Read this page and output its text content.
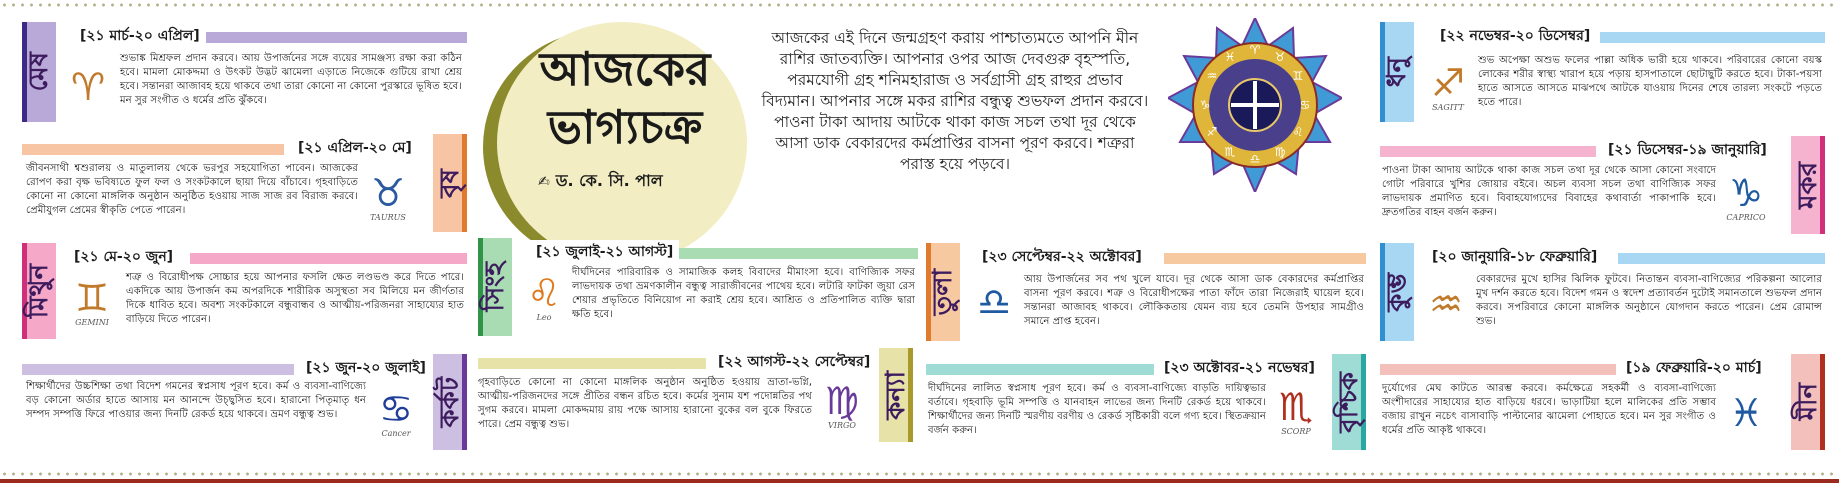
মেষ
[২১ মার্চ-২০ এপ্রিল]
♈
শুভাঙ্ক মিশ্রফল প্রদান করবে। আয় উপার্জনের সঙ্গে ব্যয়ের সামঞ্জস্য রক্ষা করা কঠিন হবে। মামলা মোকদ্দমা ও উৎকট উদ্ভট ঝামেলা এড়াতে নিজেকে গুটিয়ে রাখা শ্রেয় হবে। সন্তানরা আজাবহ হয়ে থাকবে তথা তারা কোনো না কোনো পুরস্কারে ভূষিত হবে। মন সুর সংগীত ও ধর্মের প্রতি ঝুঁকবে।
বৃষ
[২১ এপ্রিল-২০ মে]
♉
TAURUS
জীবনসাথী শ্বশুরালয় ও মাতুলালয় থেকে ভরপুর সহযোগিতা পাবেন। আজকের রোপণ করা বৃক্ষ ভবিষ্যতে ফুল ফল ও সংকটকালে ছায়া দিয়ে বাঁচাবে। গৃহবাড়িতে কোনো না কোনো মাঙ্গলিক অনুষ্ঠান অনুষ্ঠিত হওয়ায় সাজ সাজ রব বিরাজ করবে। প্রেমীযুগল প্রেমের স্বীকৃতি পেতে পারেন।
মিথুন
[২১ মে-২০ জুন]
♊
GEMINI
শত্রু ও বিরোধীপক্ষ সোচ্চার হয়ে আপনার ফসলি ক্ষেত লণ্ডভণ্ড করে দিতে পারে। একদিকে আয় উপার্জন কম অপরদিকে শারীরিক অসুস্থতা সব মিলিয়ে মন জীর্ণতার দিকে ধাবিত হবে। অবশ্য সংকটকালে বন্ধুবান্ধব ও আত্মীয়-পরিজনরা সাহায্যের হাত বাড়িয়ে দিতে পারেন।
কর্কট
[২১ জুন-২০ জুলাই]
♋
Cancer
শিক্ষার্থীদের উচ্চশিক্ষা তথা বিদেশ গমনের স্বপ্নসাধ পূরণ হবে। কর্ম ও ব্যবসা-বাণিজ্যে বড় কোনো অর্ডার হাতে আসায় মন আনন্দে উচ্ছ্বসিত হবে। হারানো পিতৃমাতৃ ধন সম্পদ সম্পত্তি ফিরে পাওয়ার জন্য দিনটি রেকর্ড হয়ে থাকবে। ভ্রমণ বন্ধুত্ব শুভ।
আজকের
ভাগ্যচক্র
✍ ড. কে. সি. পাল
আজকের এই দিনে জন্মগ্রহণ করায় পাশ্চাত্যমতে আপনি মীন রাশির জাতব্যক্তি। আপনার ওপর আজ দেবগুরু বৃহস্পতি, পরমযোগী গ্রহ শনিমহারাজ ও সর্বগ্রাসী গ্রহ রাহুর প্রভাব বিদ্যমান। আপনার সঙ্গে মকর রাশির বন্ধুত্ব শুভফল প্রদান করবে। পাওনা টাকা আদায় আটকে থাকা কাজ সচল তথা দূর থেকে আসা ডাক বেকারদের কর্মপ্রাপ্তির বাসনা পূরণ করবে। শত্রুরা পরাস্ত হয়ে পড়বে।
♈ ♉
♊
♋
♌
♍
♎
♏
♐
♑
♒
♓
সিংহ
[২১ জুলাই-২১ আগস্ট]
♌
Leo
দীর্ঘদিনের পারিবারিক ও সামাজিক কলহ বিবাদের মীমাংসা হবে। বাণিজ্যিক সফর লাভদায়ক তথা ভ্রমণকালীন বন্ধুত্ব সারাজীবনের পাথেয় হবে। লটারি ফাটকা জুয়া রেস শেয়ার প্রভৃতিতে বিনিয়োগ না করাই শ্রেয় হবে। আশ্রিত ও প্রতিপালিত ব্যক্তি দ্বারা ক্ষতি হবে।
কন্যা
[২২ আগস্ট-২২ সেপ্টেম্বর]
♍
VIRGO
গৃহবাড়িতে কোনো না কোনো মাঙ্গলিক অনুষ্ঠান অনুষ্ঠিত হওয়ায় ভ্রাতা-ভগ্নি, আত্মীয়-পরিজনদের সঙ্গে প্রীতির বন্ধন রচিত হবে। কর্মের সুনাম যশ পদোন্নতির পথ সুগম করবে। মামলা মোকদ্দমায় রায় পক্ষে আসায় হারানো বুকের বল বুকে ফিরতে পারে। প্রেম বন্ধুত্ব শুভ।
তুলা
[২৩ সেপ্টেম্বর-২২ অক্টোবর]
♎
আয় উপার্জনের সব পথ খুলে যাবে। দূর থেকে আসা ডাক বেকারদের কর্মপ্রাপ্তির বাসনা পূরণ করবে। শত্রু ও বিরোধীপক্ষের পাতা ফাঁদে তারা নিজেরাই ঘায়েল হবে। সন্তানরা আজাবহ থাকবে। লৌকিকতায় যেমন ব্যয় হবে তেমনি উপহার সামগ্রীও সমানে প্রাপ্ত হবেন।
বৃশ্চিক
[২৩ অক্টোবর-২১ নভেম্বর]
♏
SCORP
দীর্ঘদিনের লালিত স্বপ্নসাধ পূরণ হবে। কর্ম ও ব্যবসা-বাণিজ্যে বাড়তি দায়িত্বভার বর্তাবে। গৃহবাড়ি ভূমি সম্পত্তি ও যানবাহন লাভের জন্য দিনটি রেকর্ড হয়ে থাকবে। শিক্ষার্থীদের জন্য দিনটি স্মরণীয় বরণীয় ও রেকর্ড সৃষ্টিকারী বলে গণ্য হবে। স্থিতক্রয়ান বর্জন করুন।
ধনু
[২২ নভেম্বর-২০ ডিসেম্বর]
♐
SAGITT
শুভ অপেক্ষা অশুভ ফলের পাল্লা অধিক ভারী হয়ে থাকবে। পরিবারের কোনো বয়স্ক লোকের শরীর স্বাস্থ্য খারাপ হয়ে পড়ায় হাসপাতালে ছোটাছুটি করতে হবে। টাকা-পয়সা হাতে আসতে আসতে মাঝপথে আটকে যাওয়ায় দিনের শেষে তারল্য সংকটে পড়তে হতে পারে।
মকর
[২১ ডিসেম্বর-১৯ জানুয়ারি]
♑
CAPRICO
পাওনা টাকা আদায় আটকে থাকা কাজ সচল তথা দূর থেকে আসা কোনো সংবাদে গোটা পরিবারে খুশির জোয়ার বইবে। অচল ব্যবসা সচল তথা বাণিজ্যিক সফর লাভদায়ক প্রমাণিত হবে। বিবাহযোগ্যদের বিবাহের কথাবার্তা পাকাপাকি হবে। দ্রুতগতির বাহন বর্জন করুন।
কুম্ভ
[২০ জানুয়ারি-১৮ ফেব্রুয়ারি]
♒
বেকারদের মুখে হাসির ঝিলিক ফুটবে। নিতান্তন ব্যবসা-বাণিজ্যের পরিকল্পনা আলোর মুখ দর্শন করতে হবে। বিদেশ গমন ও স্বদেশ প্রত্যাবর্তন দুটোই সমানতালে শুভফল প্রদান করবে। সপরিবারে কোনো মাঙ্গলিক অনুষ্ঠানে যোগদান করতে পারেন। প্রেম রোমান্স শুভ।
মীন
[১৯ ফেব্রুয়ারি-২০ মার্চ]
♓
দুর্যোগের মেঘ কাটতে আরম্ভ করবে। কর্মক্ষেত্রে সহকর্মী ও ব্যবসা-বাণিজ্যে অংশীদারের সাহায্যের হাত বাড়িয়ে ধরবে। ভাড়াটিয়া হলে মালিকের প্রতি সম্ভাব বজায় রাখুন নচেৎ বাসাবাড়ি পাল্টানোর ঝামেলা পোহাতে হবে। মন সুর সংগীত ও ধর্মের প্রতি আকৃষ্ট থাকবে।
